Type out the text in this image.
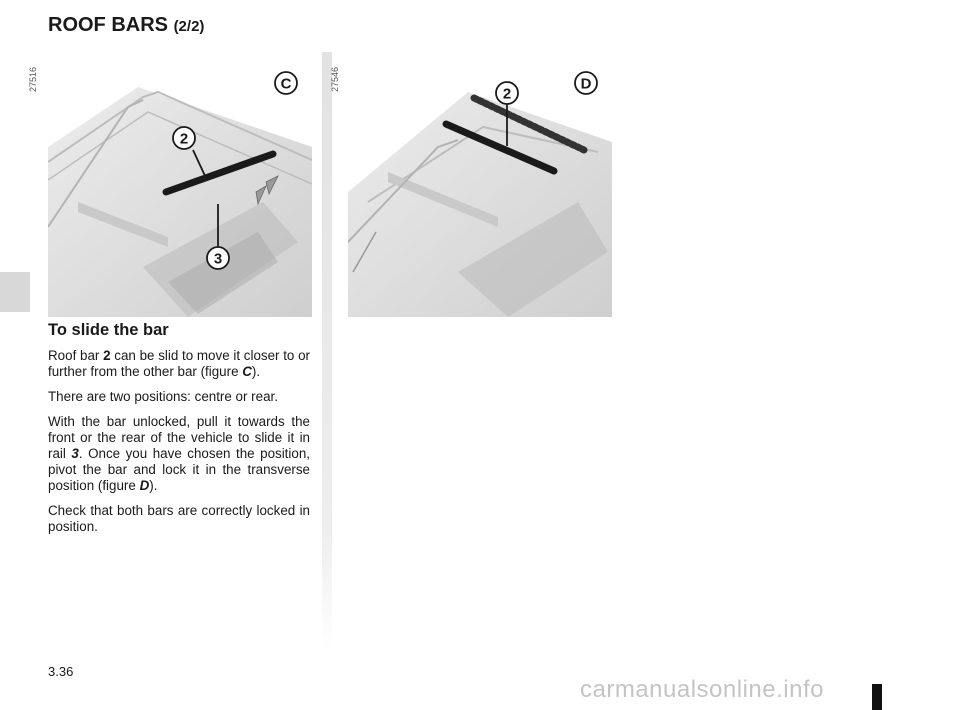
ROOF BARS (2/2)
27516
2
3
C	27546
2
D
To slide the bar

Roof bar 2 can be slid to move it closer to or further from the other bar (figure C).

There are two positions: centre or rear.

With the bar unlocked, pull it towards the front or the rear of the vehicle to slide it in rail 3. Once you have chosen the position, pivot the bar and lock it in the transverse position (figure D).

Check that both bars are correctly locked in position.

3.36
carmanualsonline.info
